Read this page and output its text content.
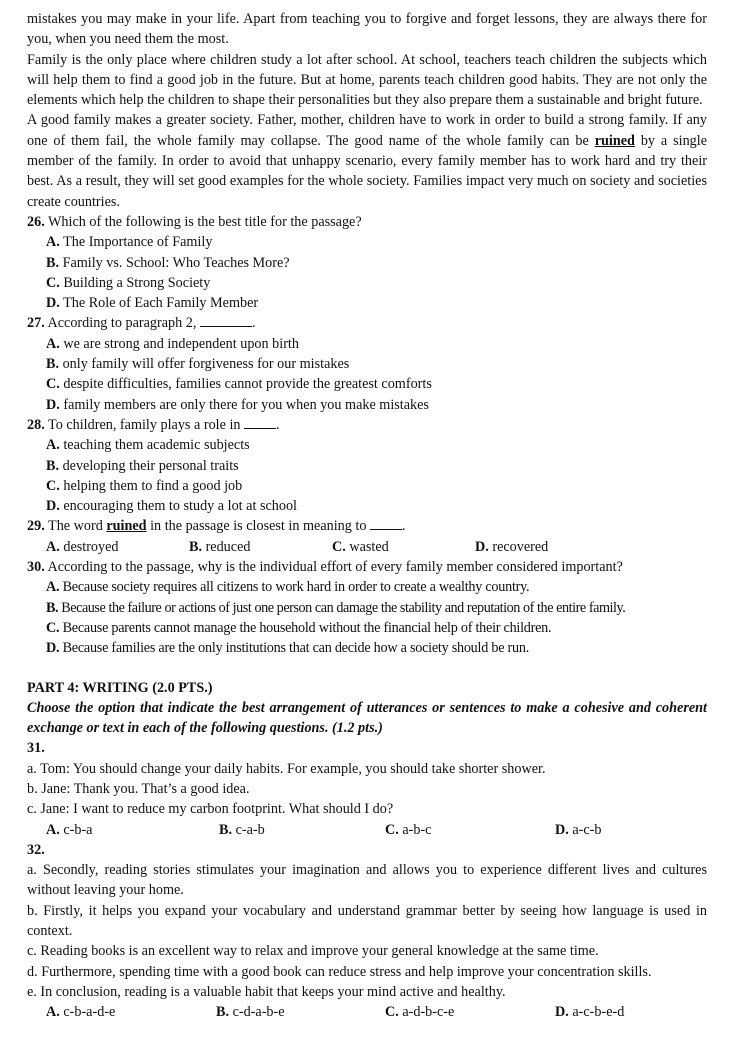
mistakes you may make in your life. Apart from teaching you to forgive and forget lessons, they are always there for you, when you need them the most.

Family is the only place where children study a lot after school. At school, teachers teach children the subjects which will help them to find a good job in the future. But at home, parents teach children good habits. They are not only the elements which help the children to shape their personalities but they also prepare them a sustainable and bright future.

A good family makes a greater society. Father, mother, children have to work in order to build a strong family. If any one of them fail, the whole family may collapse. The good name of the whole family can be ruined by a single member of the family. In order to avoid that unhappy scenario, every family member has to work hard and try their best. As a result, they will set good examples for the whole society. Families impact very much on society and societies create countries.

26. Which of the following is the best title for the passage?
A. The Importance of Family
B. Family vs. School: Who Teaches More?
C. Building a Strong Society
D. The Role of Each Family Member
27. According to paragraph 2,	.
A. we are strong and independent upon birth
B. only family will offer forgiveness for our mistakes
C. despite difficulties, families cannot provide the greatest comforts
D. family members are only there for you when you make mistakes
28. To children, family plays a role in	.
A. teaching them academic subjects
B. developing their personal traits
C. helping them to find a good job
D. encouraging them to study a lot at school
29. The word ruined in the passage is closest in meaning to	.
A. destroyed	B. reduced	C. wasted	D. recovered
30. According to the passage, why is the individual effort of every family member considered important?
A. Because society requires all citizens to work hard in order to create a wealthy country.
B. Because the failure or actions of just one person can damage the stability and reputation of the entire family.
C. Because parents cannot manage the household without the financial help of their children.
D. Because families are the only institutions that can decide how a society should be run.
PART 4: WRITING (2.0 PTS.)
Choose the option that indicate the best arrangement of utterances or sentences to make a cohesive and coherent exchange or text in each of the following questions. (1.2 pts.)
31.

a. Tom: You should change your daily habits. For example, you should take shorter shower.

b. Jane: Thank you. That’s a good idea.

c. Jane: I want to reduce my carbon footprint. What should I do?

A. c-b-a	B. c-a-b	C. a-b-c	D. a-c-b
32.

a. Secondly, reading stories stimulates your imagination and allows you to experience different lives and cultures without leaving your home.

b. Firstly, it helps you expand your vocabulary and understand grammar better by seeing how language is used in context.

c. Reading books is an excellent way to relax and improve your general knowledge at the same time.

d. Furthermore, spending time with a good book can reduce stress and help improve your concentration skills.

e. In conclusion, reading is a valuable habit that keeps your mind active and healthy.

A. c-b-a-d-e	B. c-d-a-b-e	C. a-d-b-c-e	D. a-c-b-e-d
